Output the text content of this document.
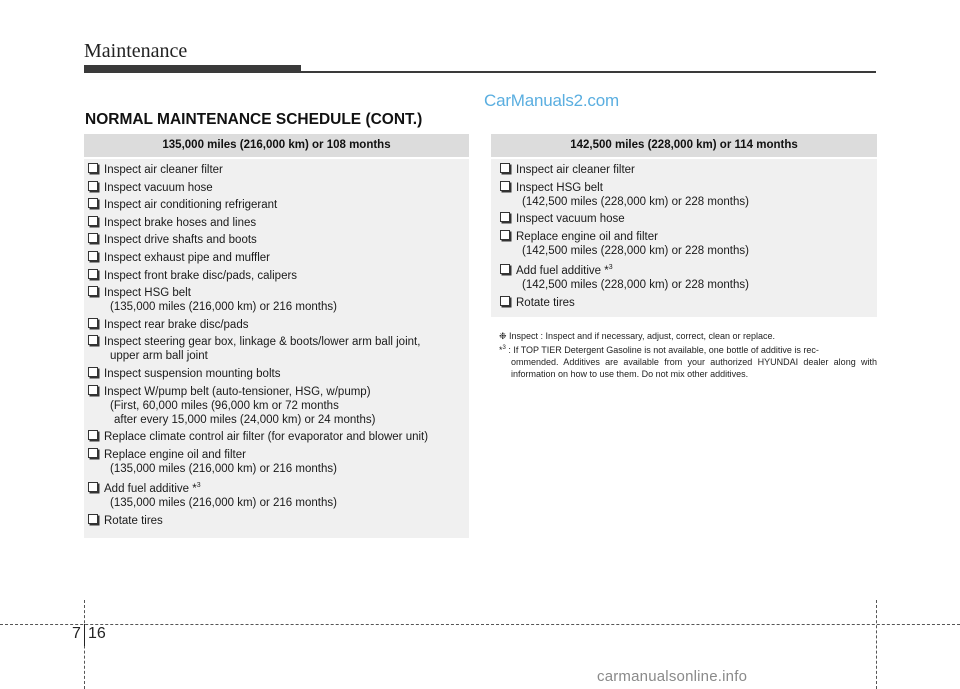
Maintenance
CarManuals2.com
NORMAL MAINTENANCE SCHEDULE (CONT.)
135,000 miles (216,000 km) or 108 months
Inspect air cleaner filter
Inspect vacuum hose
Inspect air conditioning refrigerant
Inspect brake hoses and lines
Inspect drive shafts and boots
Inspect exhaust pipe and muffler
Inspect front brake disc/pads, calipers
Inspect HSG belt
(135,000 miles (216,000 km) or 216 months)
Inspect rear brake disc/pads
Inspect steering gear box, linkage & boots/lower arm ball joint,
upper arm ball joint
Inspect suspension mounting bolts
Inspect W/pump belt (auto-tensioner, HSG, w/pump)
(First, 60,000 miles (96,000 km or 72 months
after every 15,000 miles (24,000 km) or 24 months)
Replace climate control air filter (for evaporator and blower unit)
Replace engine oil and filter
(135,000 miles (216,000 km) or 216 months)
Add fuel additive *$^3$
(135,000 miles (216,000 km) or 216 months)
Rotate tires
142,500 miles (228,000 km) or 114 months
Inspect air cleaner filter
Inspect HSG belt
(142,500 miles (228,000 km) or 228 months)
Inspect vacuum hose
Replace engine oil and filter
(142,500 miles (228,000 km) or 228 months)
Add fuel additive *$^3$
(142,500 miles (228,000 km) or 228 months)
Rotate tires
❉ Inspect : Inspect and if necessary, adjust, correct, clean or replace.
*$^3$ : If TOP TIER Detergent Gasoline is not available, one bottle of additive is rec-
ommended. Additives are available from your authorized HYUNDAI dealer along with information on how to use them. Do not mix other additives.
7 16
carmanualsonline.info
